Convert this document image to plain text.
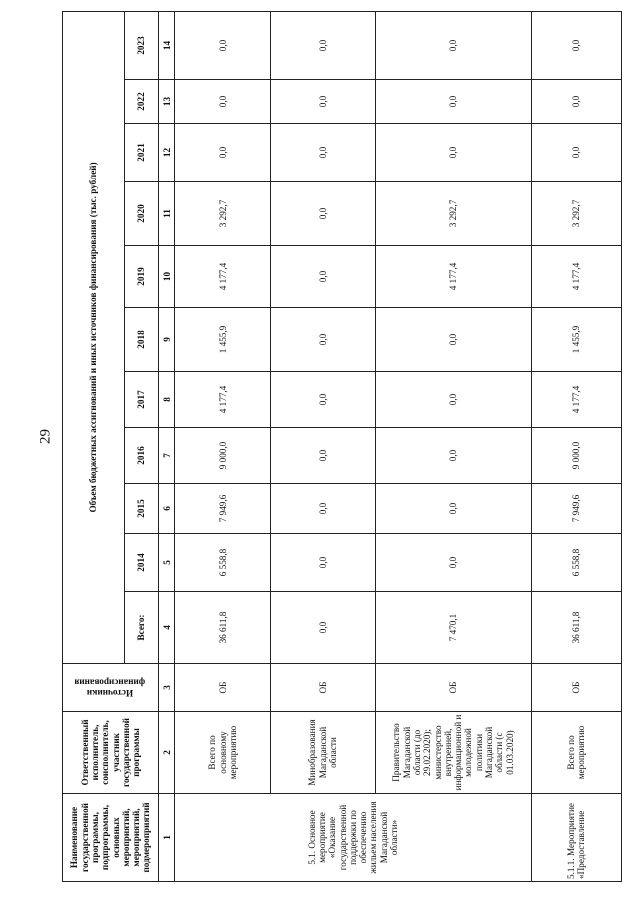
29
Наименование государственной программы, подпрограммы, основных мероприятий, мероприятий, подмероприятий	Ответственный исполнитель, соисполнитель, участник государственной программы	Источники финансирования	Объем бюджетных ассигнований и иных источников финансирования (тыс. рублей)										
			Всего:	2014	2015	2016	2017	2018	2019	2020	2021	2022	2023
1	2	3	4	5	6	7	8	9	10	11	12	13	14
5.1. Основное мероприятие «Оказание государственной поддержки по обеспечению жильем населения Магаданской области»	Всего по основному мероприятию	ОБ	36 611,8	6 558,8	7 949,6	9 000,0	4 177,4	1 455,9	4 177,4	3 292,7	0,0	0,0	0,0
	Минобразования Магаданской области	ОБ	0,0	0,0	0,0	0,0	0,0	0,0	0,0	0,0	0,0	0,0	0,0
	Правительство Магаданской области (до 29.02.2020); министерство внутренней, информационной и молодежной политики Магаданской области (с 01.03.2020)	ОБ	7 470,1	0,0	0,0	0,0	0,0	0,0	4 177,4	3 292,7	0,0	0,0	0,0
5.1.1. Мероприятие «Предоставление	Всего по мероприятию	ОБ	36 611,8	6 558,8	7 949,6	9 000,0	4 177,4	1 455,9	4 177,4	3 292,7	0,0	0,0	0,0
